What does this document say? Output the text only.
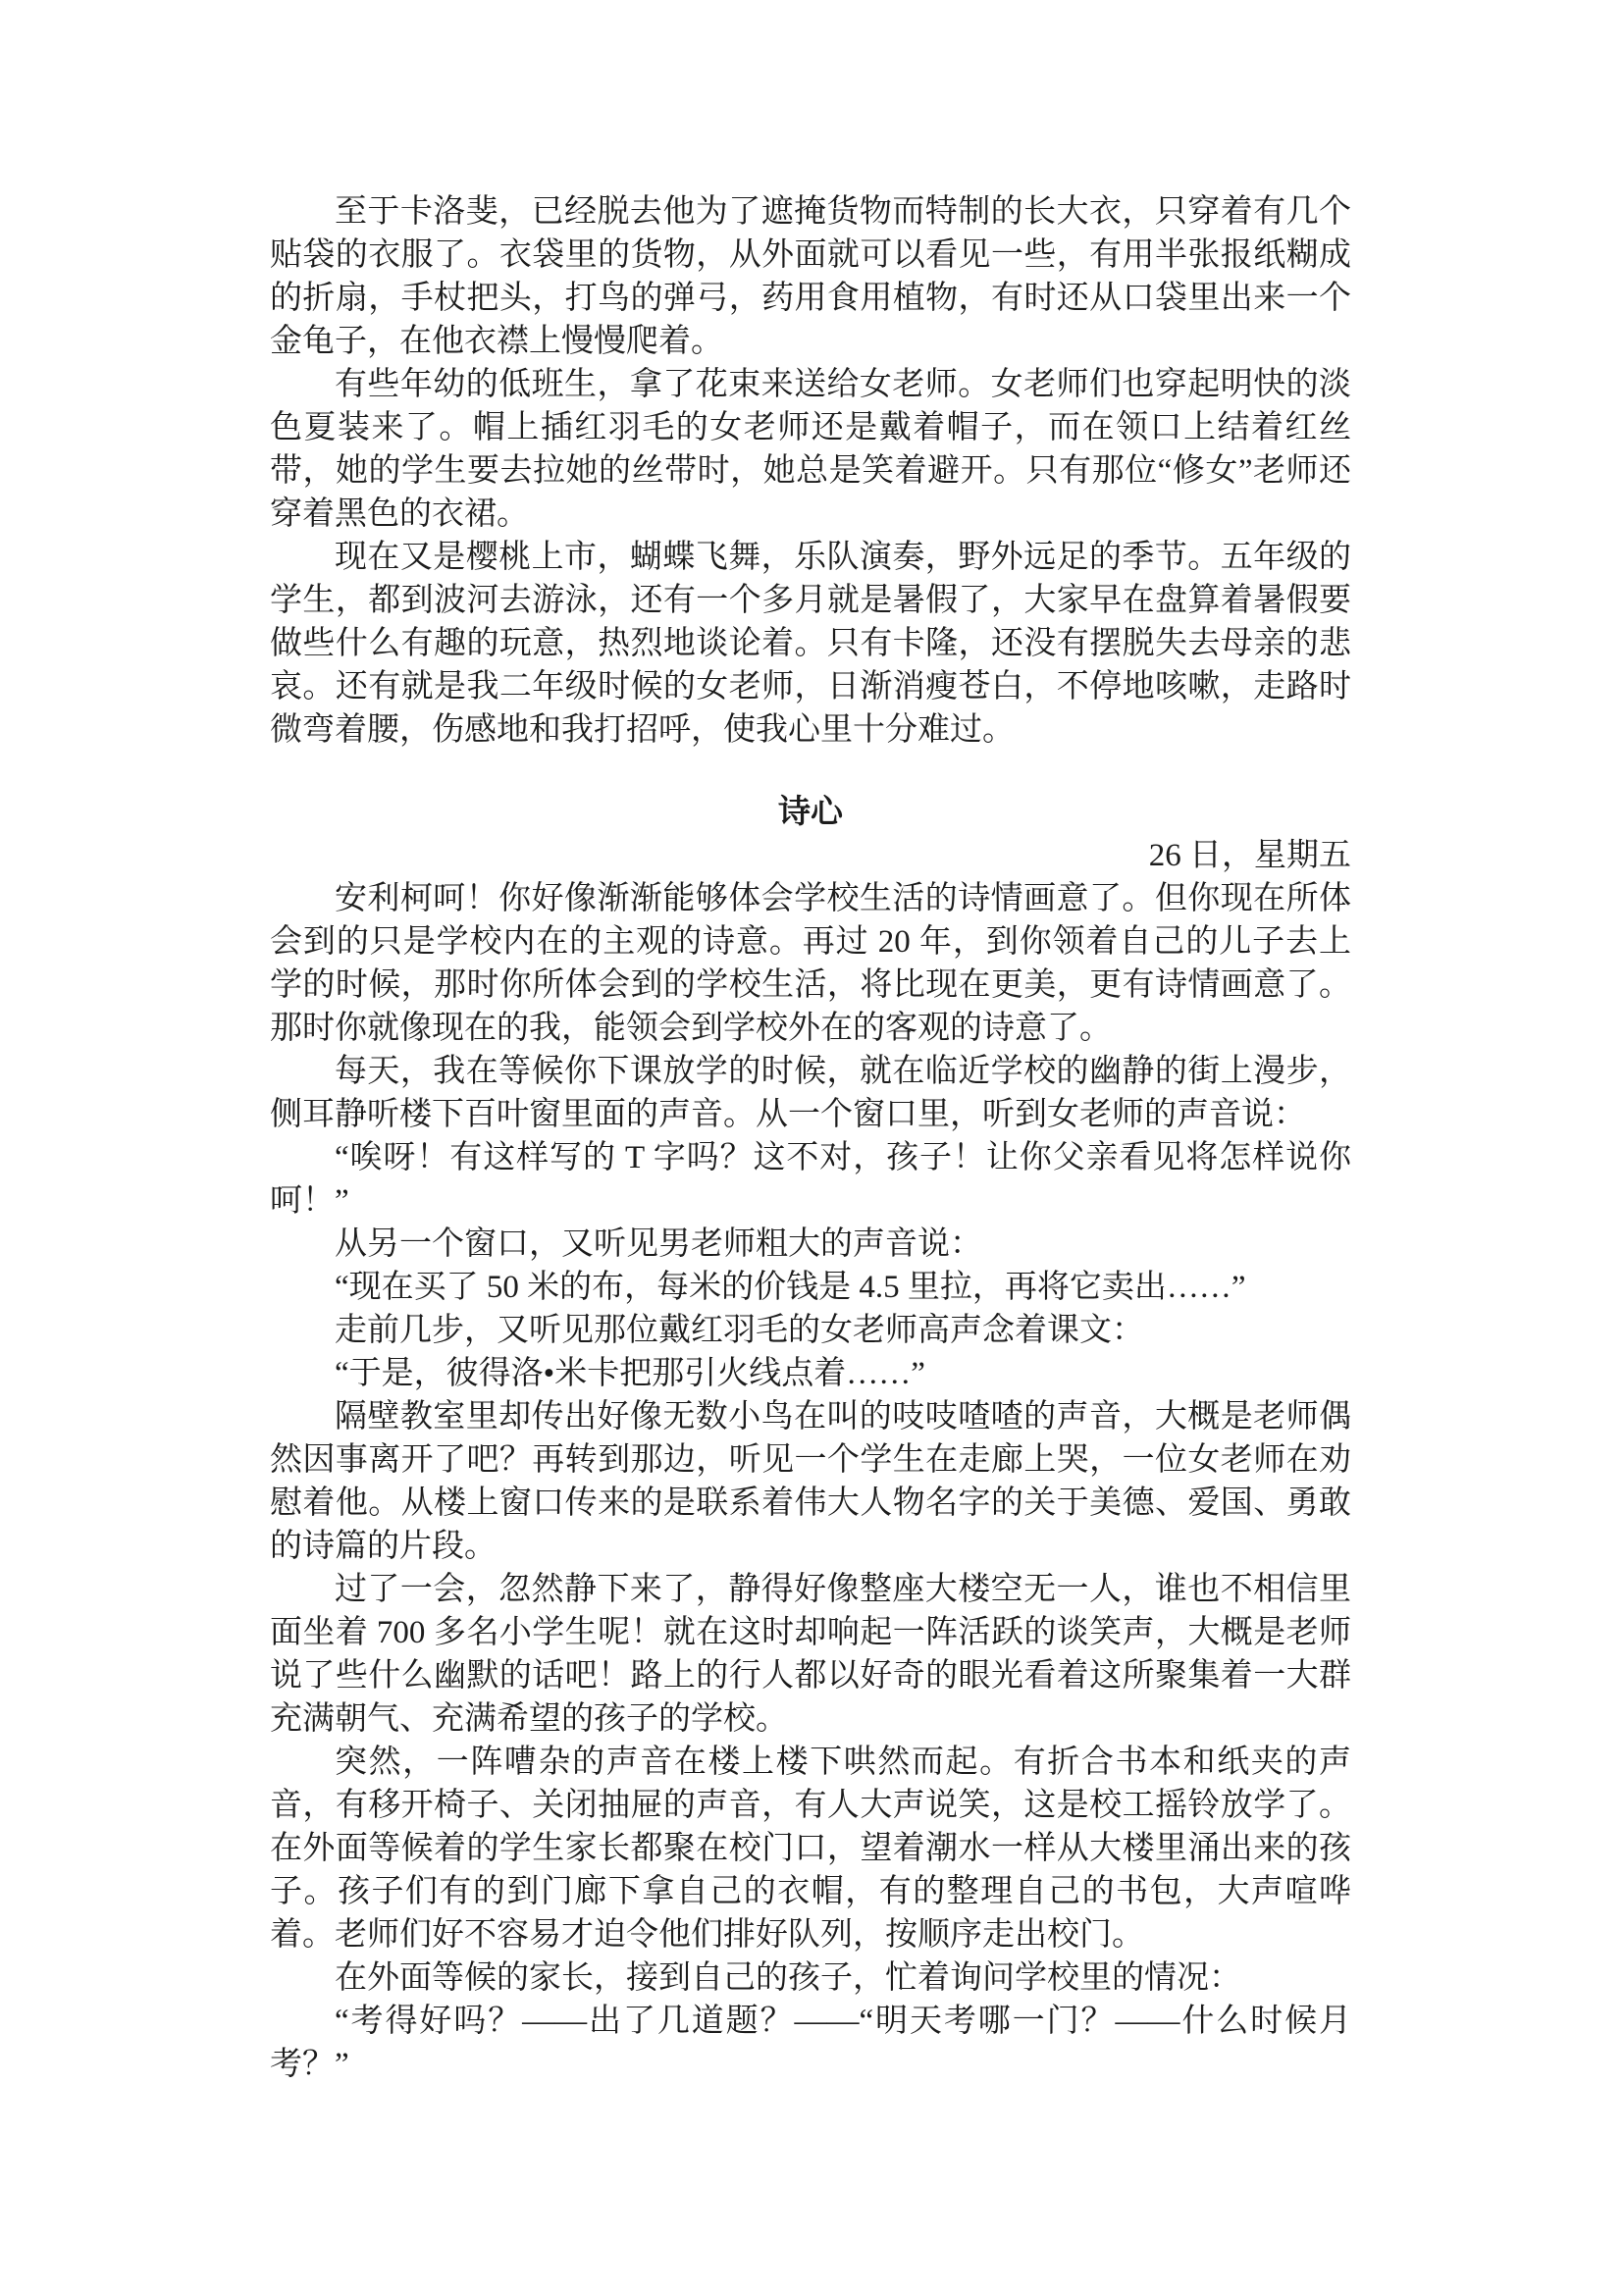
至于卡洛斐，已经脱去他为了遮掩货物而特制的长大衣，只穿着有几个贴袋的衣服了。衣袋里的货物，从外面就可以看见一些，有用半张报纸糊成的折扇，手杖把头，打鸟的弹弓，药用食用植物，有时还从口袋里出来一个金龟子，在他衣襟上慢慢爬着。

有些年幼的低班生，拿了花束来送给女老师。女老师们也穿起明快的淡色夏装来了。帽上插红羽毛的女老师还是戴着帽子，而在领口上结着红丝带，她的学生要去拉她的丝带时，她总是笑着避开。只有那位“修女”老师还穿着黑色的衣裙。

现在又是樱桃上市，蝴蝶飞舞，乐队演奏，野外远足的季节。五年级的学生，都到波河去游泳，还有一个多月就是暑假了，大家早在盘算着暑假要做些什么有趣的玩意，热烈地谈论着。只有卡隆，还没有摆脱失去母亲的悲哀。还有就是我二年级时候的女老师，日渐消瘦苍白，不停地咳嗽，走路时微弯着腰，伤感地和我打招呼，使我心里十分难过。

诗心

26 日，星期五

安利柯呵！你好像渐渐能够体会学校生活的诗情画意了。但你现在所体会到的只是学校内在的主观的诗意。再过 20 年，到你领着自己的儿子去上学的时候，那时你所体会到的学校生活，将比现在更美，更有诗情画意了。那时你就像现在的我，能领会到学校外在的客观的诗意了。

每天，我在等候你下课放学的时候，就在临近学校的幽静的街上漫步，侧耳静听楼下百叶窗里面的声音。从一个窗口里，听到女老师的声音说：

“唉呀！有这样写的 T 字吗？这不对，孩子！让你父亲看见将怎样说你呵！”

从另一个窗口，又听见男老师粗大的声音说：

“现在买了 50 米的布，每米的价钱是 4.5 里拉，再将它卖出……”

走前几步，又听见那位戴红羽毛的女老师高声念着课文：

“于是，彼得洛•米卡把那引火线点着……”

隔壁教室里却传出好像无数小鸟在叫的吱吱喳喳的声音，大概是老师偶然因事离开了吧？再转到那边，听见一个学生在走廊上哭，一位女老师在劝慰着他。从楼上窗口传来的是联系着伟大人物名字的关于美德、爱国、勇敢的诗篇的片段。

过了一会，忽然静下来了，静得好像整座大楼空无一人，谁也不相信里面坐着 700 多名小学生呢！就在这时却响起一阵活跃的谈笑声，大概是老师说了些什么幽默的话吧！路上的行人都以好奇的眼光看着这所聚集着一大群充满朝气、充满希望的孩子的学校。

突然，一阵嘈杂的声音在楼上楼下哄然而起。有折合书本和纸夹的声音，有移开椅子、关闭抽屉的声音，有人大声说笑，这是校工摇铃放学了。在外面等候着的学生家长都聚在校门口，望着潮水一样从大楼里涌出来的孩子。孩子们有的到门廊下拿自己的衣帽，有的整理自己的书包，大声喧哗着。老师们好不容易才迫令他们排好队列，按顺序走出校门。

在外面等候的家长，接到自己的孩子，忙着询问学校里的情况：

“考得好吗？——出了几道题？——“明天考哪一门？——什么时候月考？”
